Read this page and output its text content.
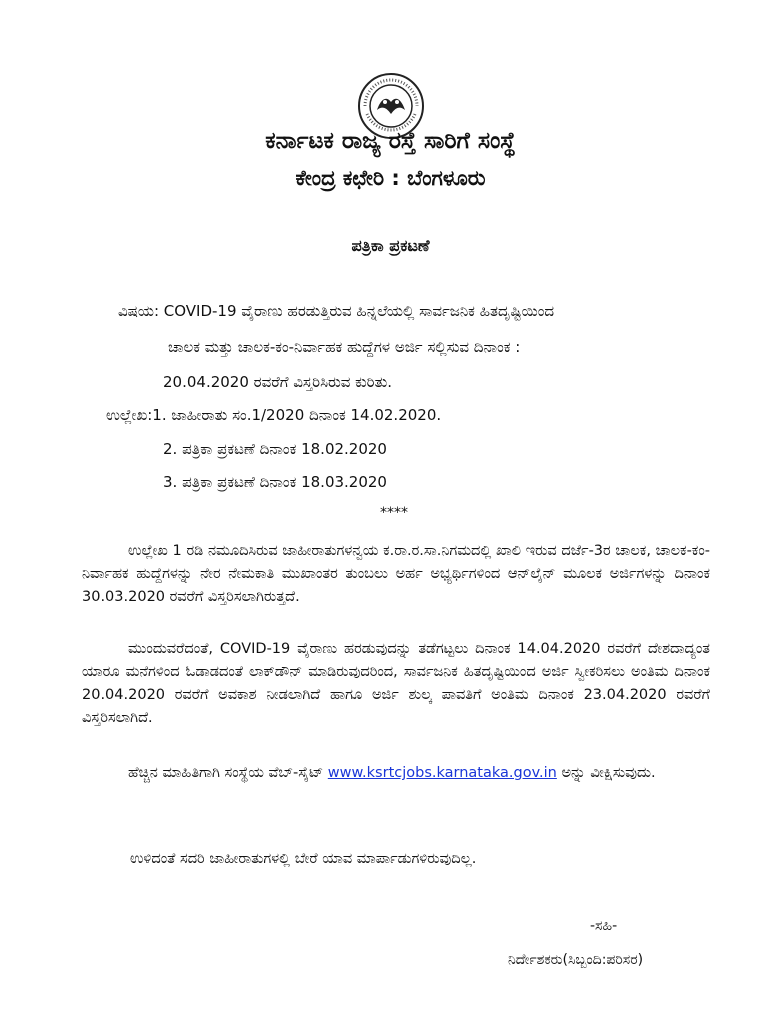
ಕರ್ನಾಟಕ ರಾಜ್ಯ ರಸ್ತೆ ಸಾರಿಗೆ ಸಂಸ್ಥೆ
ಕೇಂದ್ರ ಕಛೇರಿ : ಬೆಂಗಳೂರು
ಪತ್ರಿಕಾ ಪ್ರಕಟಣೆ
ವಿಷಯ: COVID-19 ವೈರಾಣು ಹರಡುತ್ತಿರುವ ಹಿನ್ನಲೆಯಲ್ಲಿ ಸಾರ್ವಜನಿಕ ಹಿತದೃಷ್ಟಿಯಿಂದ
ಚಾಲಕ ಮತ್ತು ಚಾಲಕ-ಕಂ-ನಿರ್ವಾಹಕ ಹುದ್ದೆಗಳ ಅರ್ಜಿ ಸಲ್ಲಿಸುವ ದಿನಾಂಕ :
20.04.2020 ರವರೆಗೆ ವಿಸ್ತರಿಸಿರುವ ಕುರಿತು.
ಉಲ್ಲೇಖ:1. ಜಾಹೀರಾತು ಸಂ.1/2020 ದಿನಾಂಕ 14.02.2020.
2. ಪತ್ರಿಕಾ ಪ್ರಕಟಣೆ ದಿನಾಂಕ 18.02.2020
3. ಪತ್ರಿಕಾ ಪ್ರಕಟಣೆ ದಿನಾಂಕ 18.03.2020
****
ಉಲ್ಲೇಖ 1 ರಡಿ ನಮೂದಿಸಿರುವ ಜಾಹೀರಾತುಗಳನ್ವಯ ಕ.ರಾ.ರ.ಸಾ.ನಿಗಮದಲ್ಲಿ ಖಾಲಿ ಇರುವ ದರ್ಜೆ-3ರ ಚಾಲಕ, ಚಾಲಕ-ಕಂ-ನಿರ್ವಾಹಕ ಹುದ್ದೆಗಳನ್ನು ನೇರ ನೇಮಕಾತಿ ಮುಖಾಂತರ ತುಂಬಲು ಅರ್ಹ ಅಭ್ಯರ್ಥಿಗಳಿಂದ ಆನ್‌ಲೈನ್ ಮೂಲಕ ಅರ್ಜಿಗಳನ್ನು ದಿನಾಂಕ 30.03.2020 ರವರೆಗೆ ವಿಸ್ತರಿಸಲಾಗಿರುತ್ತದೆ.
ಮುಂದುವರೆದಂತೆ, COVID-19 ವೈರಾಣು ಹರಡುವುದನ್ನು ತಡೆಗಟ್ಟಲು ದಿನಾಂಕ 14.04.2020 ರವರೆಗೆ ದೇಶದಾದ್ಯಂತ ಯಾರೂ ಮನೆಗಳಿಂದ ಓಡಾಡದಂತೆ ಲಾಕ್‌ಡೌನ್ ಮಾಡಿರುವುದರಿಂದ, ಸಾರ್ವಜನಿಕ ಹಿತದೃಷ್ಟಿಯಿಂದ ಅರ್ಜಿ ಸ್ವೀಕರಿಸಲು ಅಂತಿಮ ದಿನಾಂಕ 20.04.2020 ರವರೆಗೆ ಅವಕಾಶ ನೀಡಲಾಗಿದೆ ಹಾಗೂ ಅರ್ಜಿ ಶುಲ್ಕ ಪಾವತಿಗೆ ಅಂತಿಮ ದಿನಾಂಕ 23.04.2020 ರವರೆಗೆ ವಿಸ್ತರಿಸಲಾಗಿದೆ.
ಹೆಚ್ಚಿನ ಮಾಹಿತಿಗಾಗಿ ಸಂಸ್ಥೆಯ ವೆಬ್-ಸೈಟ್ www.ksrtcjobs.karnataka.gov.in ಅನ್ನು ವೀಕ್ಷಿಸುವುದು.
ಉಳಿದಂತೆ ಸದರಿ ಜಾಹೀರಾತುಗಳಲ್ಲಿ ಬೇರೆ ಯಾವ ಮಾರ್ಪಾಡುಗಳಿರುವುದಿಲ್ಲ.
-ಸಹಿ-
ನಿರ್ದೇಶಕರು(ಸಿಬ್ಬಂದಿ:ಪರಿಸರ)
